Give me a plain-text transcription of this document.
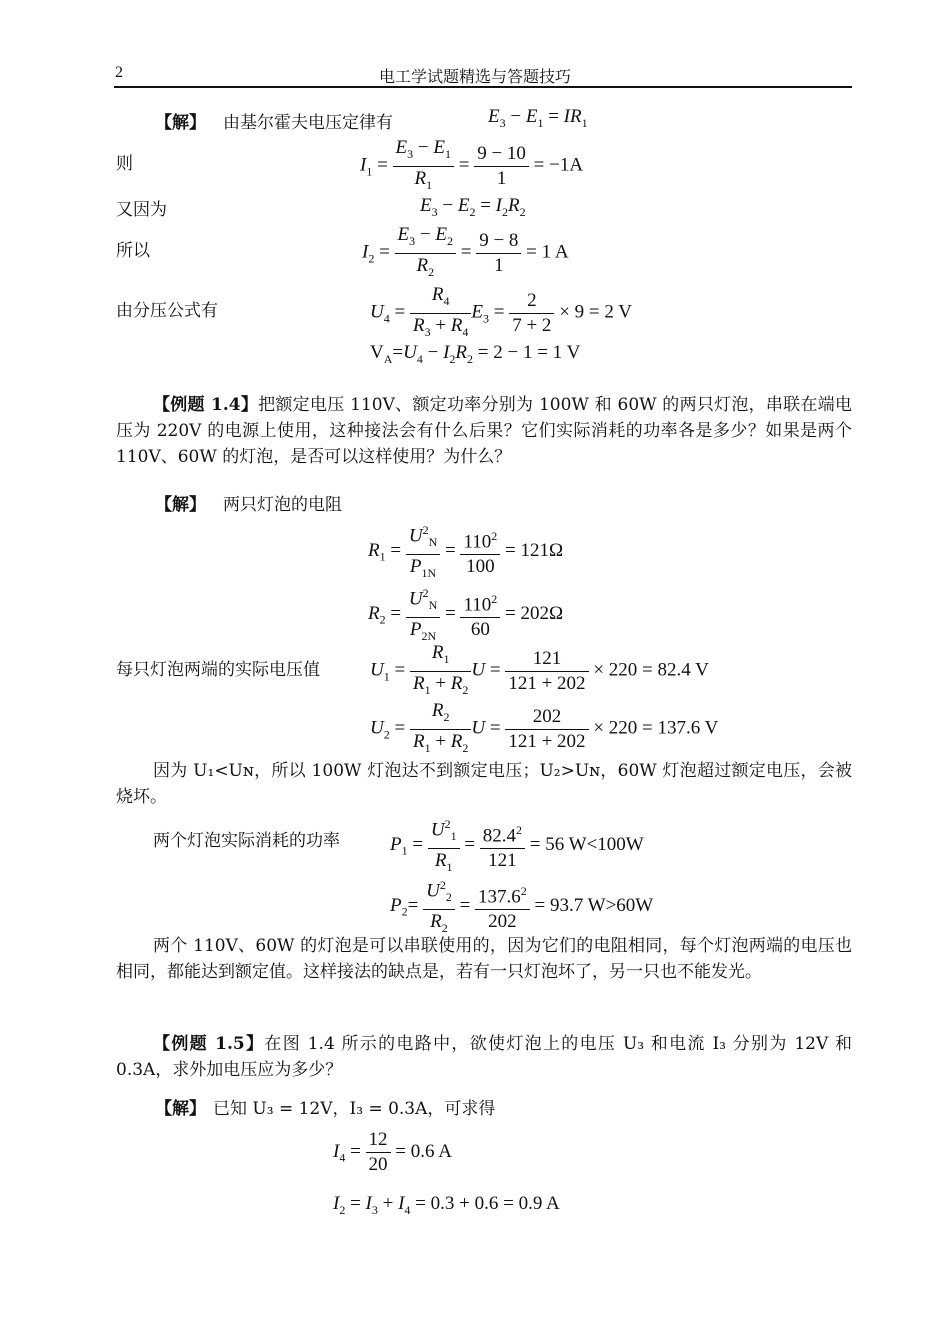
2	电工学试题精选与答题技巧
【解】 由基尔霍夫电压定律有	$E_3 - E_1 = IR_1$
则	$I_1 = \frac{E_3 - E_1}{R_1} = \frac{9 - 10}{1} = -1A$
又因为	$E_3 - E_2 = I_2R_2$
所以	$I_2 = \frac{E_3 - E_2}{R_2} = \frac{9 - 8}{1} = 1$ A
由分压公式有	$U_4 = \frac{R_4}{R_3 + R_4} E_3 = \frac{2}{7 + 2} \times 9 = 2$ V
$V_A=U_4 - I_2R_2 = 2 - 1 = 1$ V
【例题 1.4】把额定电压 110V、额定功率分别为 100W 和 60W 的两只灯泡，串联在端电压为 220V 的电源上使用，这种接法会有什么后果？它们实际消耗的功率各是多少？如果是两个 110V、60W 的灯泡，是否可以这样使用？为什么？
【解】 两只灯泡的电阻
$R_1 = \frac{U^2_N}{P_{1N}} = \frac{110^2}{100} = 121\Omega$
$R_2 = \frac{U^2_N}{P_{2N}} = \frac{110^2}{60} = 202\Omega$
每只灯泡两端的实际电压值	$U_1 = \frac{R_1}{R_1 + R_2}$ $U = \frac{121}{121 + 202} \times 220 = 82.4$ V
$U_2 = \frac{R_2}{R_1 + R_2}$ $U = \frac{202}{121 + 202} \times 220 = 137.6$ V
因为 U₁<Uɴ，所以 100W 灯泡达不到额定电压；U₂>Uɴ，60W 灯泡超过额定电压，会被烧坏。
两个灯泡实际消耗的功率	$P_1 = \frac{U^2_1}{R_1} = \frac{82.4^2}{121} = 56$ W<100W
$P_2= \frac{U^2_2}{R_2} = \frac{137.6^2}{202} = 93.7$ W>60W
两个 110V、60W 的灯泡是可以串联使用的，因为它们的电阻相同，每个灯泡两端的电压也相同，都能达到额定值。这样接法的缺点是，若有一只灯泡坏了，另一只也不能发光。
【例题 1.5】在图 1.4 所示的电路中，欲使灯泡上的电压 U₃ 和电流 I₃ 分别为 12V 和 0.3A，求外加电压应为多少？
【解】 已知 U₃ = 12V，I₃ = 0.3A，可求得
$I_4 = \frac{12}{20} = 0.6$ A
$I_2 = I_3 + I_4 = 0.3 + 0.6 = 0.9$ A
